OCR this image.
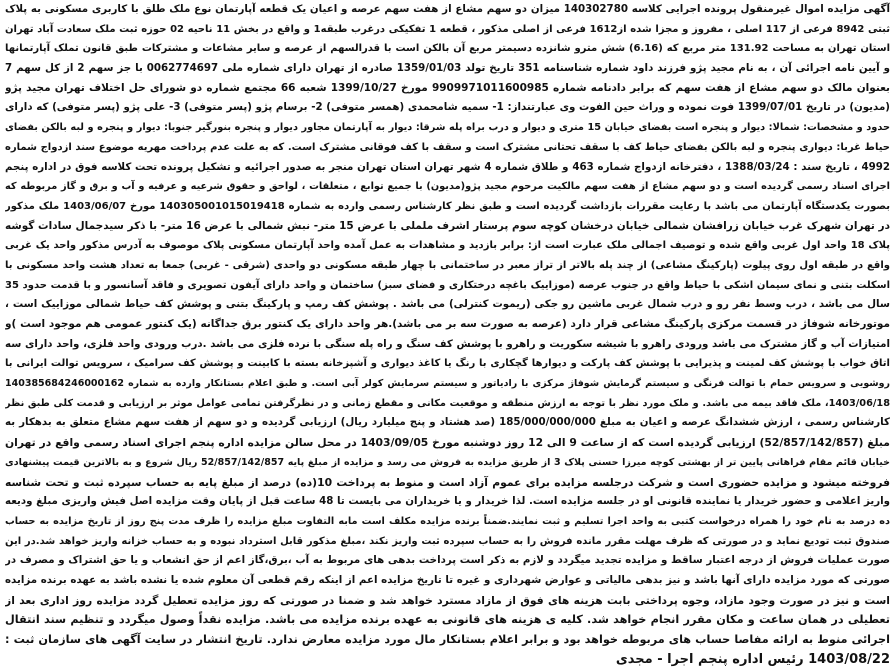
آگهی مزایده اموال غیرمنقول پرونده اجرایی کلاسه 140302780 میزان دو سهم مشاع از هفت سهم عرصه و اعیان یک قطعه آپارتمان نوع ملک طلق با کاربری مسکونی به پلاک
ثبتی 8942 فرعی از 117 اصلی ، مفروز و مجزا شده از1612 فرعی از اصلی مذکور ، قطعه 1 تفکیکی درغرب طبقه1 و واقع در بخش 11 ناحیه 02 حوزه ثبت ملک سعادت آباد تهران
استان تهران به مساحت 131.92 متر مربع که (6.16) شش مترو شانزده دسیمتر مربع آن بالکن است با قدرالسهم از عرصه و سایر مشاعات و مشترکات طبق قانون تملک آپارتمانها
و آیین نامه اجرائی آن ، به نام مجید پژو فرزند داود شماره شناسنامه 351 تاریخ تولد 1359/01/03 صادره از تهران دارای شماره ملی 0062774697 با جز سهم 2 از کل سهم 7
بعنوان مالک دو سهم مشاع از هفت سهم که برابر دادنامه شماره 9909971011600985 مورخ 1399/10/27 شعبه 66 مجتمع شماره دو شورای حل اختلاف تهران مجید پژو
(مدیون) در تاریخ 1399/07/01 فوت نموده و وراث حین الفوت وی عبارتنداز: 1- سمیه شامحمدی (همسر متوفی) 2- برسام پژو (پسر متوفی) 3- علی پژو (پسر متوفی) که دارای
حدود و مشخصات: شمالا: دیوار و پنجره است بفضای خیابان 15 متری و دیوار و درب براه پله شرقا: دیوار به آپارتمان مجاور دیوار و پنجره بنورگیر جنوبا: دیوار و پنجره و لبه بالکن بفضای
حیاط غربا: دیواری پنجره و لبه بالکن بفضای حیاط کف با سقف تحتانی مشترک است و سقف با کف فوقانی مشترک است. که به علت عدم پرداخت مهریه موضوع سند ازدواج شماره
4992 ، تاریخ سند : 1388/03/24 ، دفترخانه ازدواج شماره 463 و طلاق شماره 4 شهر تهران استان تهران منجر به صدور اجرائیه و تشکیل پرونده تحت کلاسه فوق در اداره پنجم
اجرای اسناد رسمی گردیده است و دو سهم مشاع از هفت سهم مالکیت مرحوم مجید پژو(مدیون) با جمیع توابع ، متعلقات ، لواحق و حقوق شرعیه و عرفیه و آب و برق و گاز مربوطه که
بصورت یکدستگاه آپارتمان می باشد با رعایت مقررات بازداشت گردیده است و طبق نظر کارشناس رسمی وارده به شماره 140305001015019418 مورخ 1403/06/07 ملک مذکور
در تهران شهرک غرب خیابان زرافشان شمالی خیابان درخشان کوچه سوم پرستار اشرف ململی با عرض 15 متر- نبش شمالی با عرض 16 متر- با ذکر سیدجمال سادات گوشه
پلاک 18 واحد اول غربی واقع شده و توصیف اجمالی ملک عبارت است از: برابر بازدید و مشاهدات به عمل آمده واحد آپارتمان مسکونی پلاک موصوف به آدرس مذکور واحد یک غربی
واقع در طبقه اول روی پیلوت (پارکینگ مشاعی) از چند پله بالاتر از تراز معبر در ساختمانی با چهار طبقه مسکونی دو واحدی (شرقی - غربی) جمعا به تعداد هشت واحد مسکونی با
اسکلت بتنی و نمای سیمان اشکی با حیاط واقع در جنوب عرصه (موزاییک باغچه درختکاری و فضای سبز) ساختمان و واحد دارای آیفون تصویری و فاقد آسانسور و با قدمت حدود 35
سال می باشد ، درب وسط نفر رو و درب شمال غربی ماشین رو جکی (ریموت کنترلی) می باشد . پوشش کف رمپ و پارکینگ بتنی و پوشش کف حیاط شمالی موزاییک است ،
موتورخانه شوفاژ در قسمت مرکزی پارکینگ مشاعی قرار دارد (عرصه به صورت سه بر می باشد).هر واحد دارای یک کنتور برق جداگانه (یک کنتور عمومی هم موجود است )و
امتیازات آب و گاز مشترک می باشد ورودی راهرو با شیشه سکوریت و راهرو با پوشش کف سنگ و راه پله سنگی با نرده فلزی می باشد .درب ورودی واحد فلزی، واحد دارای سه
اتاق خواب با پوشش کف لمینت و پذیرایی با پوشش کف پارکت و دیوارها گچکاری با رنگ یا کاغذ دیواری و آشپزخانه بسته با کابینت و پوشش کف سرامیک ، سرویس توالت ایرانی با
روشویی و سرویس حمام با توالت فرنگی و سیستم گرمایش شوفاژ مرکزی با رادیاتور و سیستم سرمایش کولر آبی است. و طبق اعلام بستانکار وارده به شماره 140385684246000162
1403/06/18، ملک فاقد بیمه می باشد. و ملک مورد نظر با توجه به ارزش منطقه و موقعیت مکانی و مقطع زمانی و در نظرگرفتن تمامی عوامل موثر بر ارزیابی و قدمت کلی طبق نظر
کارشناس رسمی ، ارزش ششدانگ عرصه و اعیان به مبلغ 185/000/000/000 (صد هشتاد و پنج میلیارد ریال) ارزیابی گردیده و دو سهم از هفت سهم مشاع متعلق به بدهکار به
مبلغ (52/857/142/857) ارزیابی گردیده است که از ساعت 9 الی 12 روز دوشنبه مورخ 1403/09/05 در محل سالن مزایده اداره پنجم اجرای اسناد رسمی واقع در تهران
خیابان قائم مقام فراهانی پایین تر از بهشتی کوچه میرزا حسنی پلاک 3 از طریق مزایده به فروش می رسد و مزایده از مبلغ پایه 52/857/142/857 ریال شروع و به بالاترین قیمت پیشنهادی
فروخته میشود و مزایده حضوری است و شرکت درجلسه مزایده برای عموم آزاد است و منوط به پرداخت 10(ده) درصد از مبلغ پایه به حساب سپرده ثبت و تحت شناسه
واریز اعلامی و حضور خریدار یا نماینده قانونی او در جلسه مزایده است. لذا خریدار و یا خریداران می بایست تا 48 ساعت قبل از پایان وقت مزایده اصل فیش واریزی مبلغ ودیعه
ده درصد به نام خود را همراه درخواست کتبی به واحد اجرا تسلیم و ثبت نمایند.ضمناً برنده مزایده مکلف است مابه التفاوت مبلغ مزایده را ظرف مدت پنج روز از تاریخ مزایده به حساب
صندوق ثبت تودیع نماید و در صورتی که ظرف مهلت مقرر مانده فروش را به حساب سپرده ثبت واریز نکند ،مبلغ مذکور قابل استرداد نبوده و به حساب خزانه واریز خواهد شد.در این
صورت عملیات فروش از درجه اعتبار ساقط و مزایده تجدید میگردد و لازم به ذکر است پرداخت بدهی های مربوط به آب ،برق،گاز اعم از حق انشعاب و یا حق اشتراک و مصرف در
صورتی که مورد مزایده دارای آنها باشد و نیز بدهی مالیاتی و عوارض شهرداری و غیره تا تاریخ مزایده اعم از اینکه رقم قطعی آن معلوم شده یا نشده باشد به عهده برنده مزایده
است و نیز در صورت وجود مازاد، وجوه پرداختی بابت هزینه های فوق از مازاد مسترد خواهد شد و ضمنا در صورتی که روز مزایده تعطیل گردد مزایده روز اداری بعد از
تعطیلی در همان ساعت و مکان مقرر انجام خواهد شد. کلیه ی هزینه های قانونی به عهده برنده مزایده می باشد. مزایده نقداً وصول میگردد و تنظیم سند انتقال
اجرائی منوط به ارائه مفاصا حساب های مربوطه خواهد بود و برابر اعلام بستانکار مال مورد مزایده معارض ندارد. تاریخ انتشار در سایت آگهی های سازمان ثبت :
1403/08/22 رئیس اداره پنجم اجرا - مجدی
